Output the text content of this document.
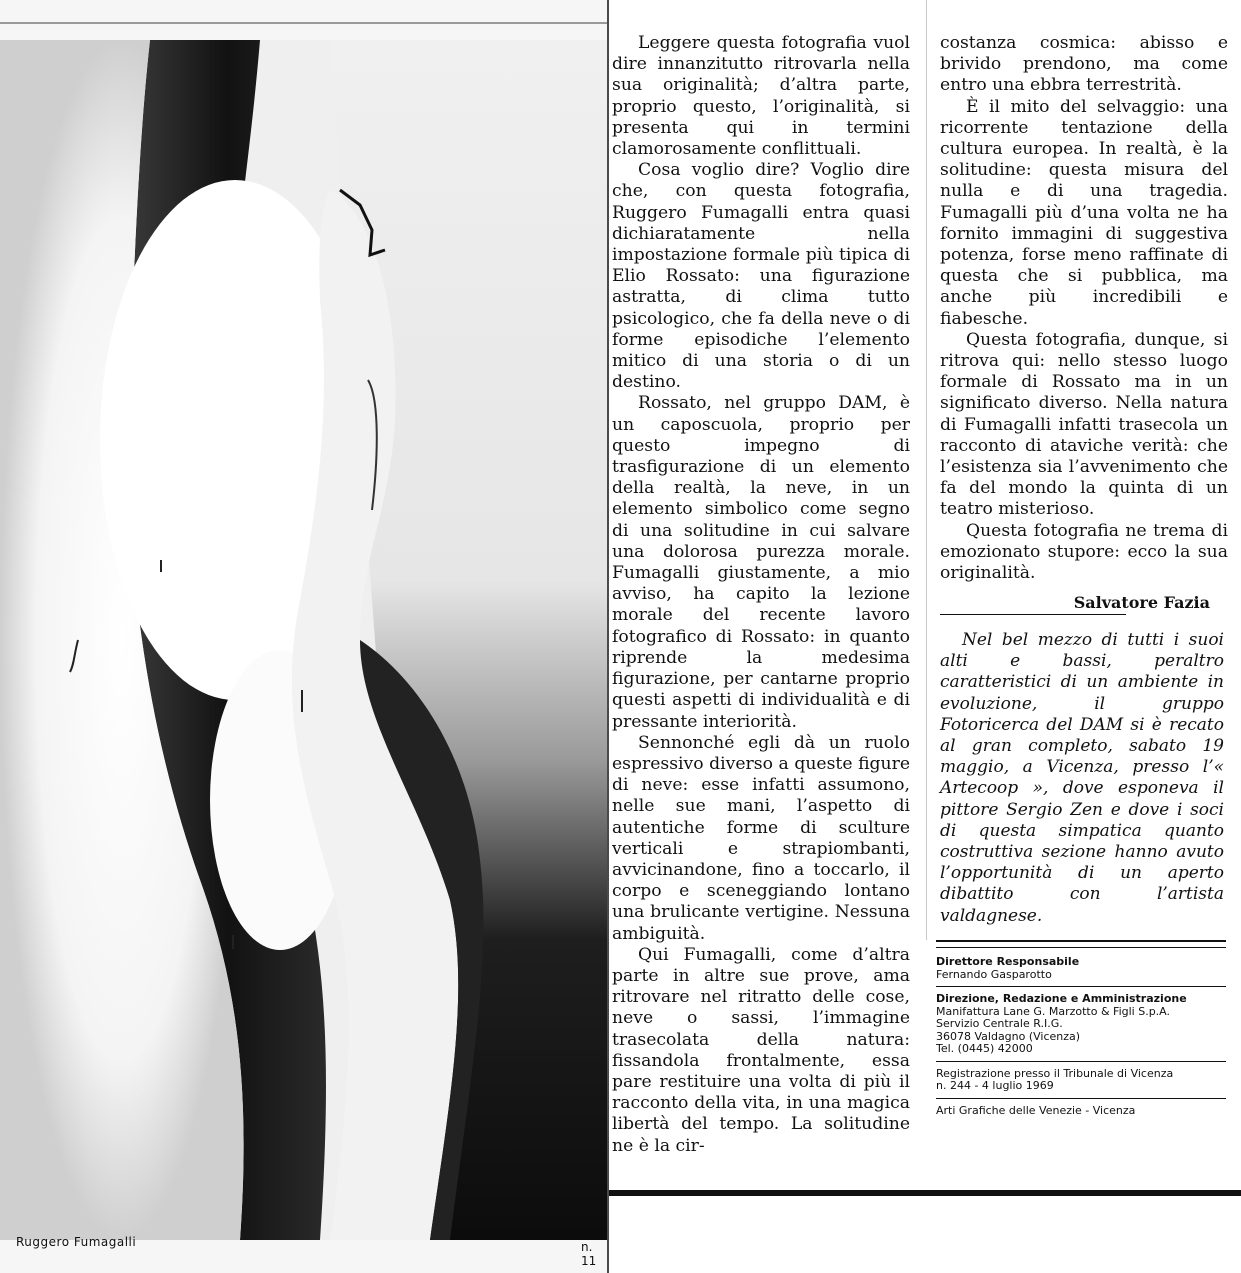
Ruggero Fumagalli	n. 11

Leggere questa fotografia vuol dire innanzitutto ritrovarla nella sua originalità; d’altra parte, proprio questo, l’originalità, si presenta qui in termini clamorosamente conflittuali.

Cosa voglio dire? Voglio dire che, con questa fotografia, Ruggero Fumagalli entra quasi dichiaratamente nella impostazione formale più tipica di Elio Rossato: una figurazione astratta, di clima tutto psicologico, che fa della neve o di forme episodiche l’elemento mitico di una storia o di un destino.

Rossato, nel gruppo DAM, è un caposcuola, proprio per questo impegno di trasfigurazione di un elemento della realtà, la neve, in un elemento simbolico come segno di una solitudine in cui salvare una dolorosa purezza morale. Fumagalli giustamente, a mio avviso, ha capito la lezione morale del recente lavoro fotografico di Rossato: in quanto riprende la medesima figurazione, per cantarne proprio questi aspetti di individualità e di pressante interiorità.

Sennonché egli dà un ruolo espressivo diverso a queste figure di neve: esse infatti assumono, nelle sue mani, l’aspetto di autentiche forme di sculture verticali e strapiombanti, avvicinandone, fino a toccarlo, il corpo e sceneggiando lontano una brulicante vertigine. Nessuna ambiguità.

Qui Fumagalli, come d’altra parte in altre sue prove, ama ritrovare nel ritratto delle cose, neve o sassi, l’immagine trasecolata della natura: fissandola frontalmente, essa pare restituire una volta di più il racconto della vita, in una magica libertà del tempo. La solitudine ne è la cir-

costanza cosmica: abisso e brivido prendono, ma come entro una ebbra terrestrità.

È il mito del selvaggio: una ricorrente tentazione della cultura europea. In realtà, è la solitudine: questa misura del nulla e di una tragedia. Fumagalli più d’una volta ne ha fornito immagini di suggestiva potenza, forse meno raffinate di questa che si pubblica, ma anche più incredibili e fiabesche.

Questa fotografia, dunque, si ritrova qui: nello stesso luogo formale di Rossato ma in un significato diverso. Nella natura di Fumagalli infatti trasecola un racconto di ataviche verità: che l’esistenza sia l’avvenimento che fa del mondo la quinta di un teatro misterioso.

Questa fotografia ne trema di emozionato stupore: ecco la sua originalità.

Salvatore Fazia

Nel bel mezzo di tutti i suoi alti e bassi, peraltro caratteristici di un ambiente in evoluzione, il gruppo Fotoricerca del DAM si è recato al gran completo, sabato 19 maggio, a Vicenza, presso l’« Artecoop », dove esponeva il pittore Sergio Zen e dove i soci di questa simpatica quanto costruttiva sezione hanno avuto l’opportunità di un aperto dibattito con l’artista valdagnese.

Direttore Responsabile
Fernando Gasparotto
Direzione, Redazione e Amministrazione
Manifattura Lane G. Marzotto & Figli S.p.A.
Servizio Centrale R.I.G.
36078 Valdagno (Vicenza)
Tel. (0445) 42000
Registrazione presso il Tribunale di Vicenza
n. 244 - 4 luglio 1969
Arti Grafiche delle Venezie - Vicenza
